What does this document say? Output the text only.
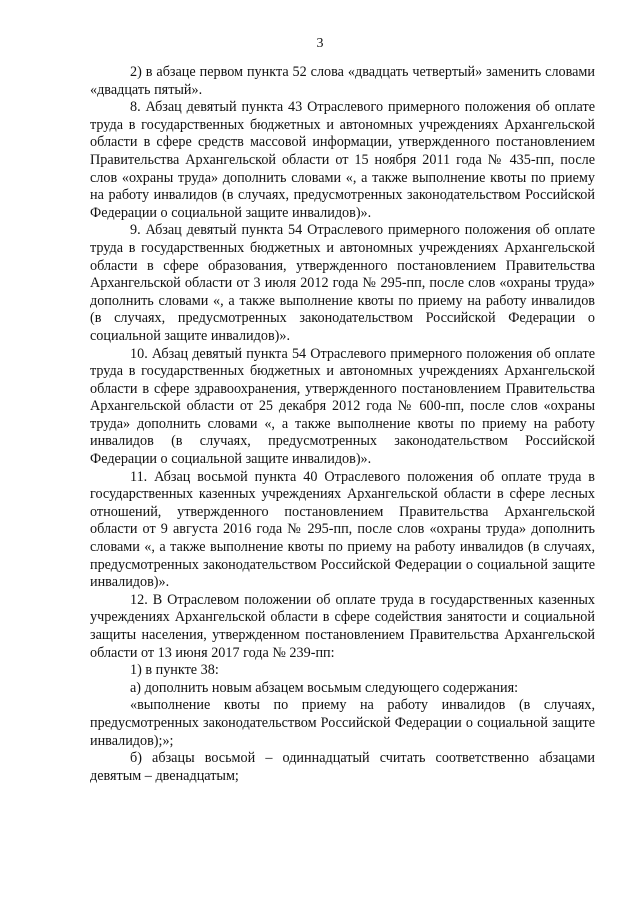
3

2) в абзаце первом пункта 52 слова «двадцать четвертый» заменить словами «двадцать пятый».

8. Абзац девятый пункта 43 Отраслевого примерного положения об оплате труда в государственных бюджетных и автономных учреждениях Архангельской области в сфере средств массовой информации, утвержденного постановлением Правительства Архангельской области от 15 ноября 2011 года № 435-пп, после слов «охраны труда» дополнить словами «, а также выполнение квоты по приему на работу инвалидов (в случаях, предусмотренных законодательством Российской Федерации о социальной защите инвалидов)».

9. Абзац девятый пункта 54 Отраслевого примерного положения об оплате труда в государственных бюджетных и автономных учреждениях Архангельской области в сфере образования, утвержденного постановлением Правительства Архангельской области от 3 июля 2012 года № 295-пп, после слов «охраны труда» дополнить словами «, а также выполнение квоты по приему на работу инвалидов (в случаях, предусмотренных законодательством Российской Федерации о социальной защите инвалидов)».

10. Абзац девятый пункта 54 Отраслевого примерного положения об оплате труда в государственных бюджетных и автономных учреждениях Архангельской области в сфере здравоохранения, утвержденного постановлением Правительства Архангельской области от 25 декабря 2012 года № 600-пп, после слов «охраны труда» дополнить словами «, а также выполнение квоты по приему на работу инвалидов (в случаях, предусмотренных законодательством Российской Федерации о социальной защите инвалидов)».

11. Абзац восьмой пункта 40 Отраслевого положения об оплате труда в государственных казенных учреждениях Архангельской области в сфере лесных отношений, утвержденного постановлением Правительства Архангельской области от 9 августа 2016 года № 295-пп, после слов «охраны труда» дополнить словами «, а также выполнение квоты по приему на работу инвалидов (в случаях, предусмотренных законодательством Российской Федерации о социальной защите инвалидов)».

12. В Отраслевом положении об оплате труда в государственных казенных учреждениях Архангельской области в сфере содействия занятости и социальной защиты населения, утвержденном постановлением Правительства Архангельской области от 13 июня 2017 года № 239-пп:

1) в пункте 38:

а) дополнить новым абзацем восьмым следующего содержания:

«выполнение квоты по приему на работу инвалидов (в случаях, предусмотренных законодательством Российской Федерации о социальной защите инвалидов);»;

б) абзацы восьмой – одиннадцатый считать соответственно абзацами девятым – двенадцатым;
